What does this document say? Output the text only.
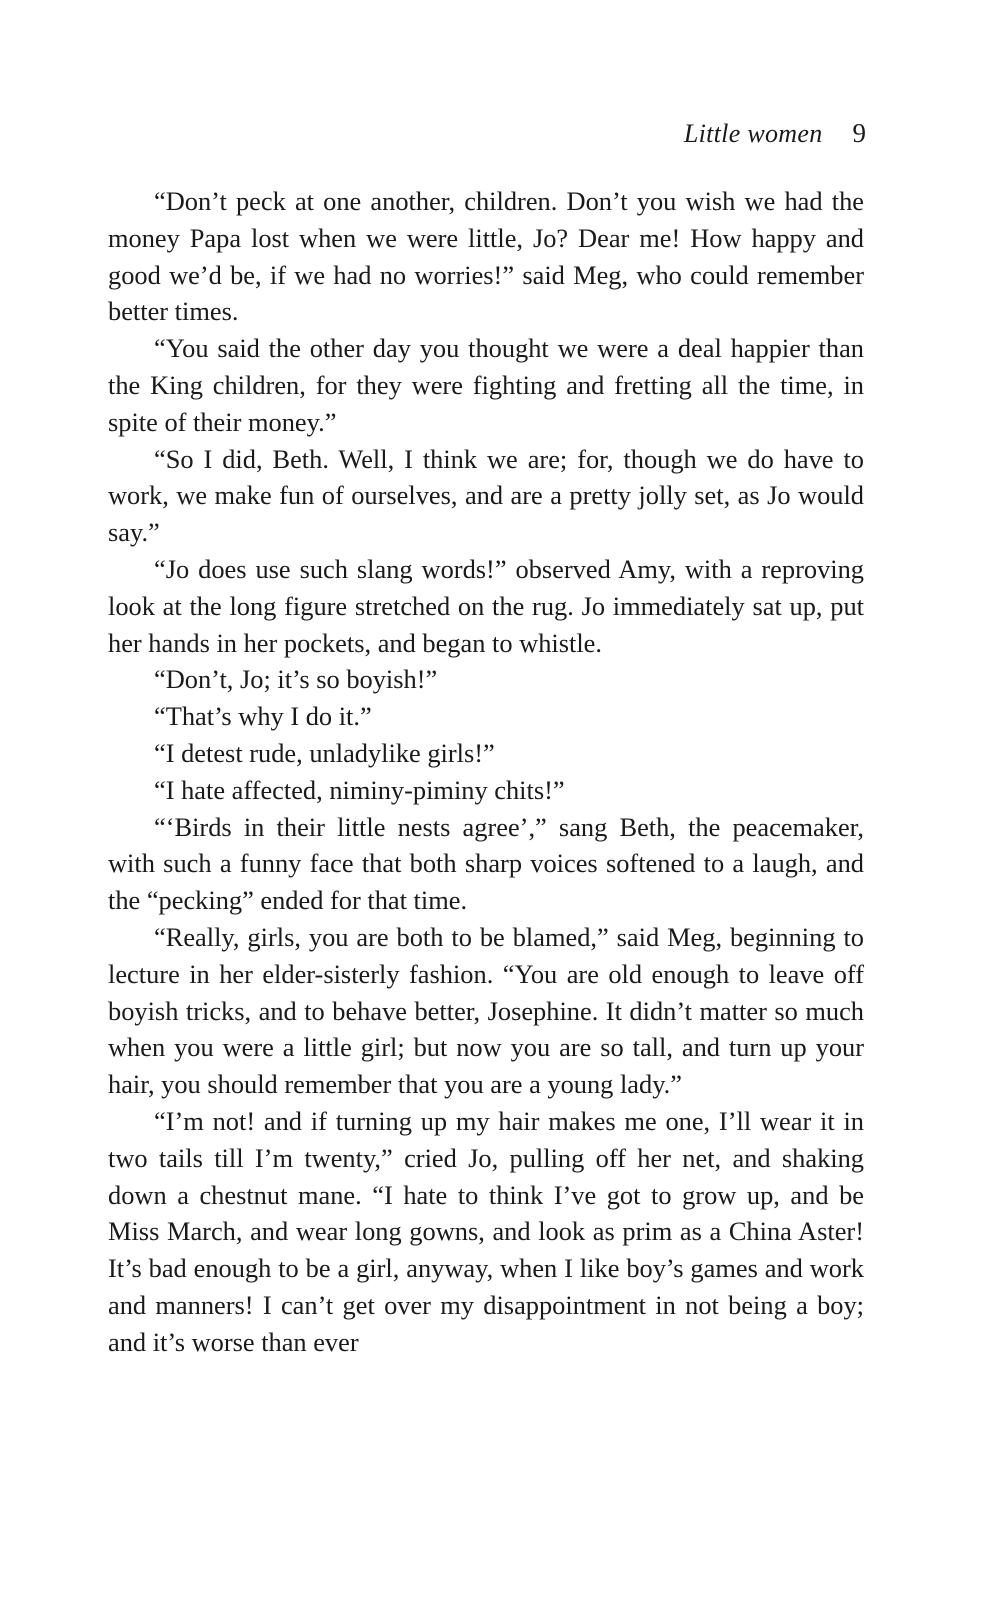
Little women 9

“Don’t peck at one another, children. Don’t you wish we had the money Papa lost when we were little, Jo? Dear me! How happy and good we’d be, if we had no worries!” said Meg, who could remember better times.

“You said the other day you thought we were a deal happier than the King children, for they were fighting and fretting all the time, in spite of their money.”

“So I did, Beth. Well, I think we are; for, though we do have to work, we make fun of ourselves, and are a pretty jolly set, as Jo would say.”

“Jo does use such slang words!” observed Amy, with a reproving look at the long figure stretched on the rug. Jo immediately sat up, put her hands in her pockets, and began to whistle.

“Don’t, Jo; it’s so boyish!”

“That’s why I do it.”

“I detest rude, unladylike girls!”

“I hate affected, niminy-piminy chits!”

“‘Birds in their little nests agree’,” sang Beth, the peacemaker, with such a funny face that both sharp voices softened to a laugh, and the “pecking” ended for that time.

“Really, girls, you are both to be blamed,” said Meg, beginning to lecture in her elder-sisterly fashion. “You are old enough to leave off boyish tricks, and to behave better, Josephine. It didn’t matter so much when you were a little girl; but now you are so tall, and turn up your hair, you should remember that you are a young lady.”

“I’m not! and if turning up my hair makes me one, I’ll wear it in two tails till I’m twenty,” cried Jo, pulling off her net, and shaking down a chestnut mane. “I hate to think I’ve got to grow up, and be Miss March, and wear long gowns, and look as prim as a China Aster! It’s bad enough to be a girl, anyway, when I like boy’s games and work and manners! I can’t get over my disappointment in not being a boy; and it’s worse than ever
